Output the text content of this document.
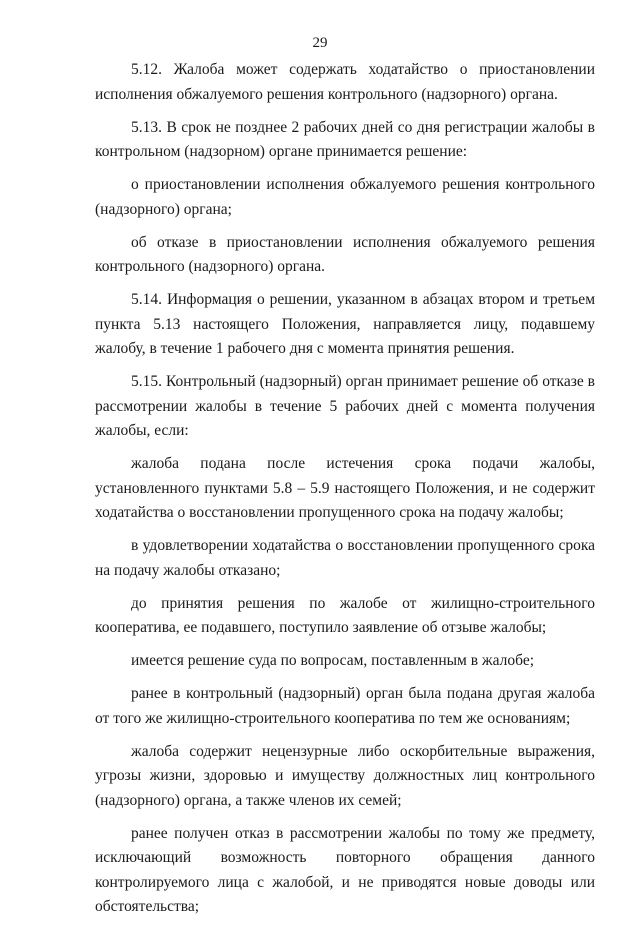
29

5.12. Жалоба может содержать ходатайство о приостановлении исполнения обжалуемого решения контрольного (надзорного) органа.

5.13. В срок не позднее 2 рабочих дней со дня регистрации жалобы в контрольном (надзорном) органе принимается решение:

о приостановлении исполнения обжалуемого решения контрольного (надзорного) органа;

об отказе в приостановлении исполнения обжалуемого решения контрольного (надзорного) органа.

5.14. Информация о решении, указанном в абзацах втором и третьем пункта 5.13 настоящего Положения, направляется лицу, подавшему жалобу, в течение 1 рабочего дня с момента принятия решения.

5.15. Контрольный (надзорный) орган принимает решение об отказе в рассмотрении жалобы в течение 5 рабочих дней с момента получения жалобы, если:

жалоба подана после истечения срока подачи жалобы, установленного пунктами 5.8 – 5.9 настоящего Положения, и не содержит ходатайства о восстановлении пропущенного срока на подачу жалобы;

в удовлетворении ходатайства о восстановлении пропущенного срока на подачу жалобы отказано;

до принятия решения по жалобе от жилищно-строительного кооператива, ее подавшего, поступило заявление об отзыве жалобы;

имеется решение суда по вопросам, поставленным в жалобе;

ранее в контрольный (надзорный) орган была подана другая жалоба от того же жилищно-строительного кооператива по тем же основаниям;

жалоба содержит нецензурные либо оскорбительные выражения, угрозы жизни, здоровью и имуществу должностных лиц контрольного (надзорного) органа, а также членов их семей;

ранее получен отказ в рассмотрении жалобы по тому же предмету, исключающий возможность повторного обращения данного контролируемого лица с жалобой, и не приводятся новые доводы или обстоятельства;
